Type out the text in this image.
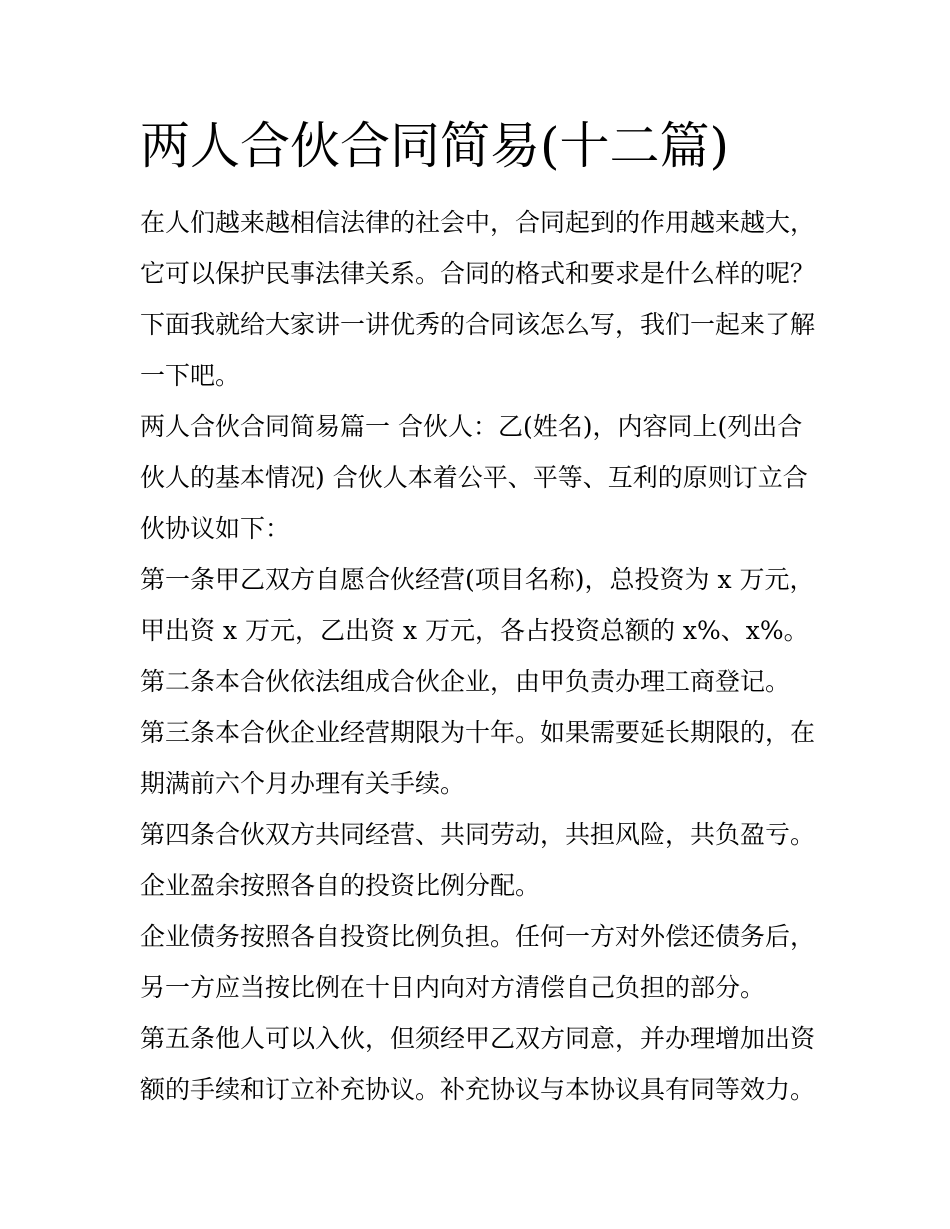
两人合伙合同简易(十二篇)

在人们越来越相信法律的社会中，合同起到的作用越来越大，它可以保护民事法律关系。合同的格式和要求是什么样的呢？下面我就给大家讲一讲优秀的合同该怎么写，我们一起来了解一下吧。

两人合伙合同简易篇一 合伙人：乙(姓名)，内容同上(列出合伙人的基本情况) 合伙人本着公平、平等、互利的原则订立合伙协议如下：

第一条甲乙双方自愿合伙经营(项目名称)，总投资为 x 万元，甲出资 x 万元，乙出资 x 万元，各占投资总额的 x%、x%。

第二条本合伙依法组成合伙企业，由甲负责办理工商登记。

第三条本合伙企业经营期限为十年。如果需要延长期限的，在期满前六个月办理有关手续。

第四条合伙双方共同经营、共同劳动，共担风险，共负盈亏。企业盈余按照各自的投资比例分配。

企业债务按照各自投资比例负担。任何一方对外偿还债务后，另一方应当按比例在十日内向对方清偿自己负担的部分。

第五条他人可以入伙，但须经甲乙双方同意，并办理增加出资额的手续和订立补充协议。补充协议与本协议具有同等效力。
